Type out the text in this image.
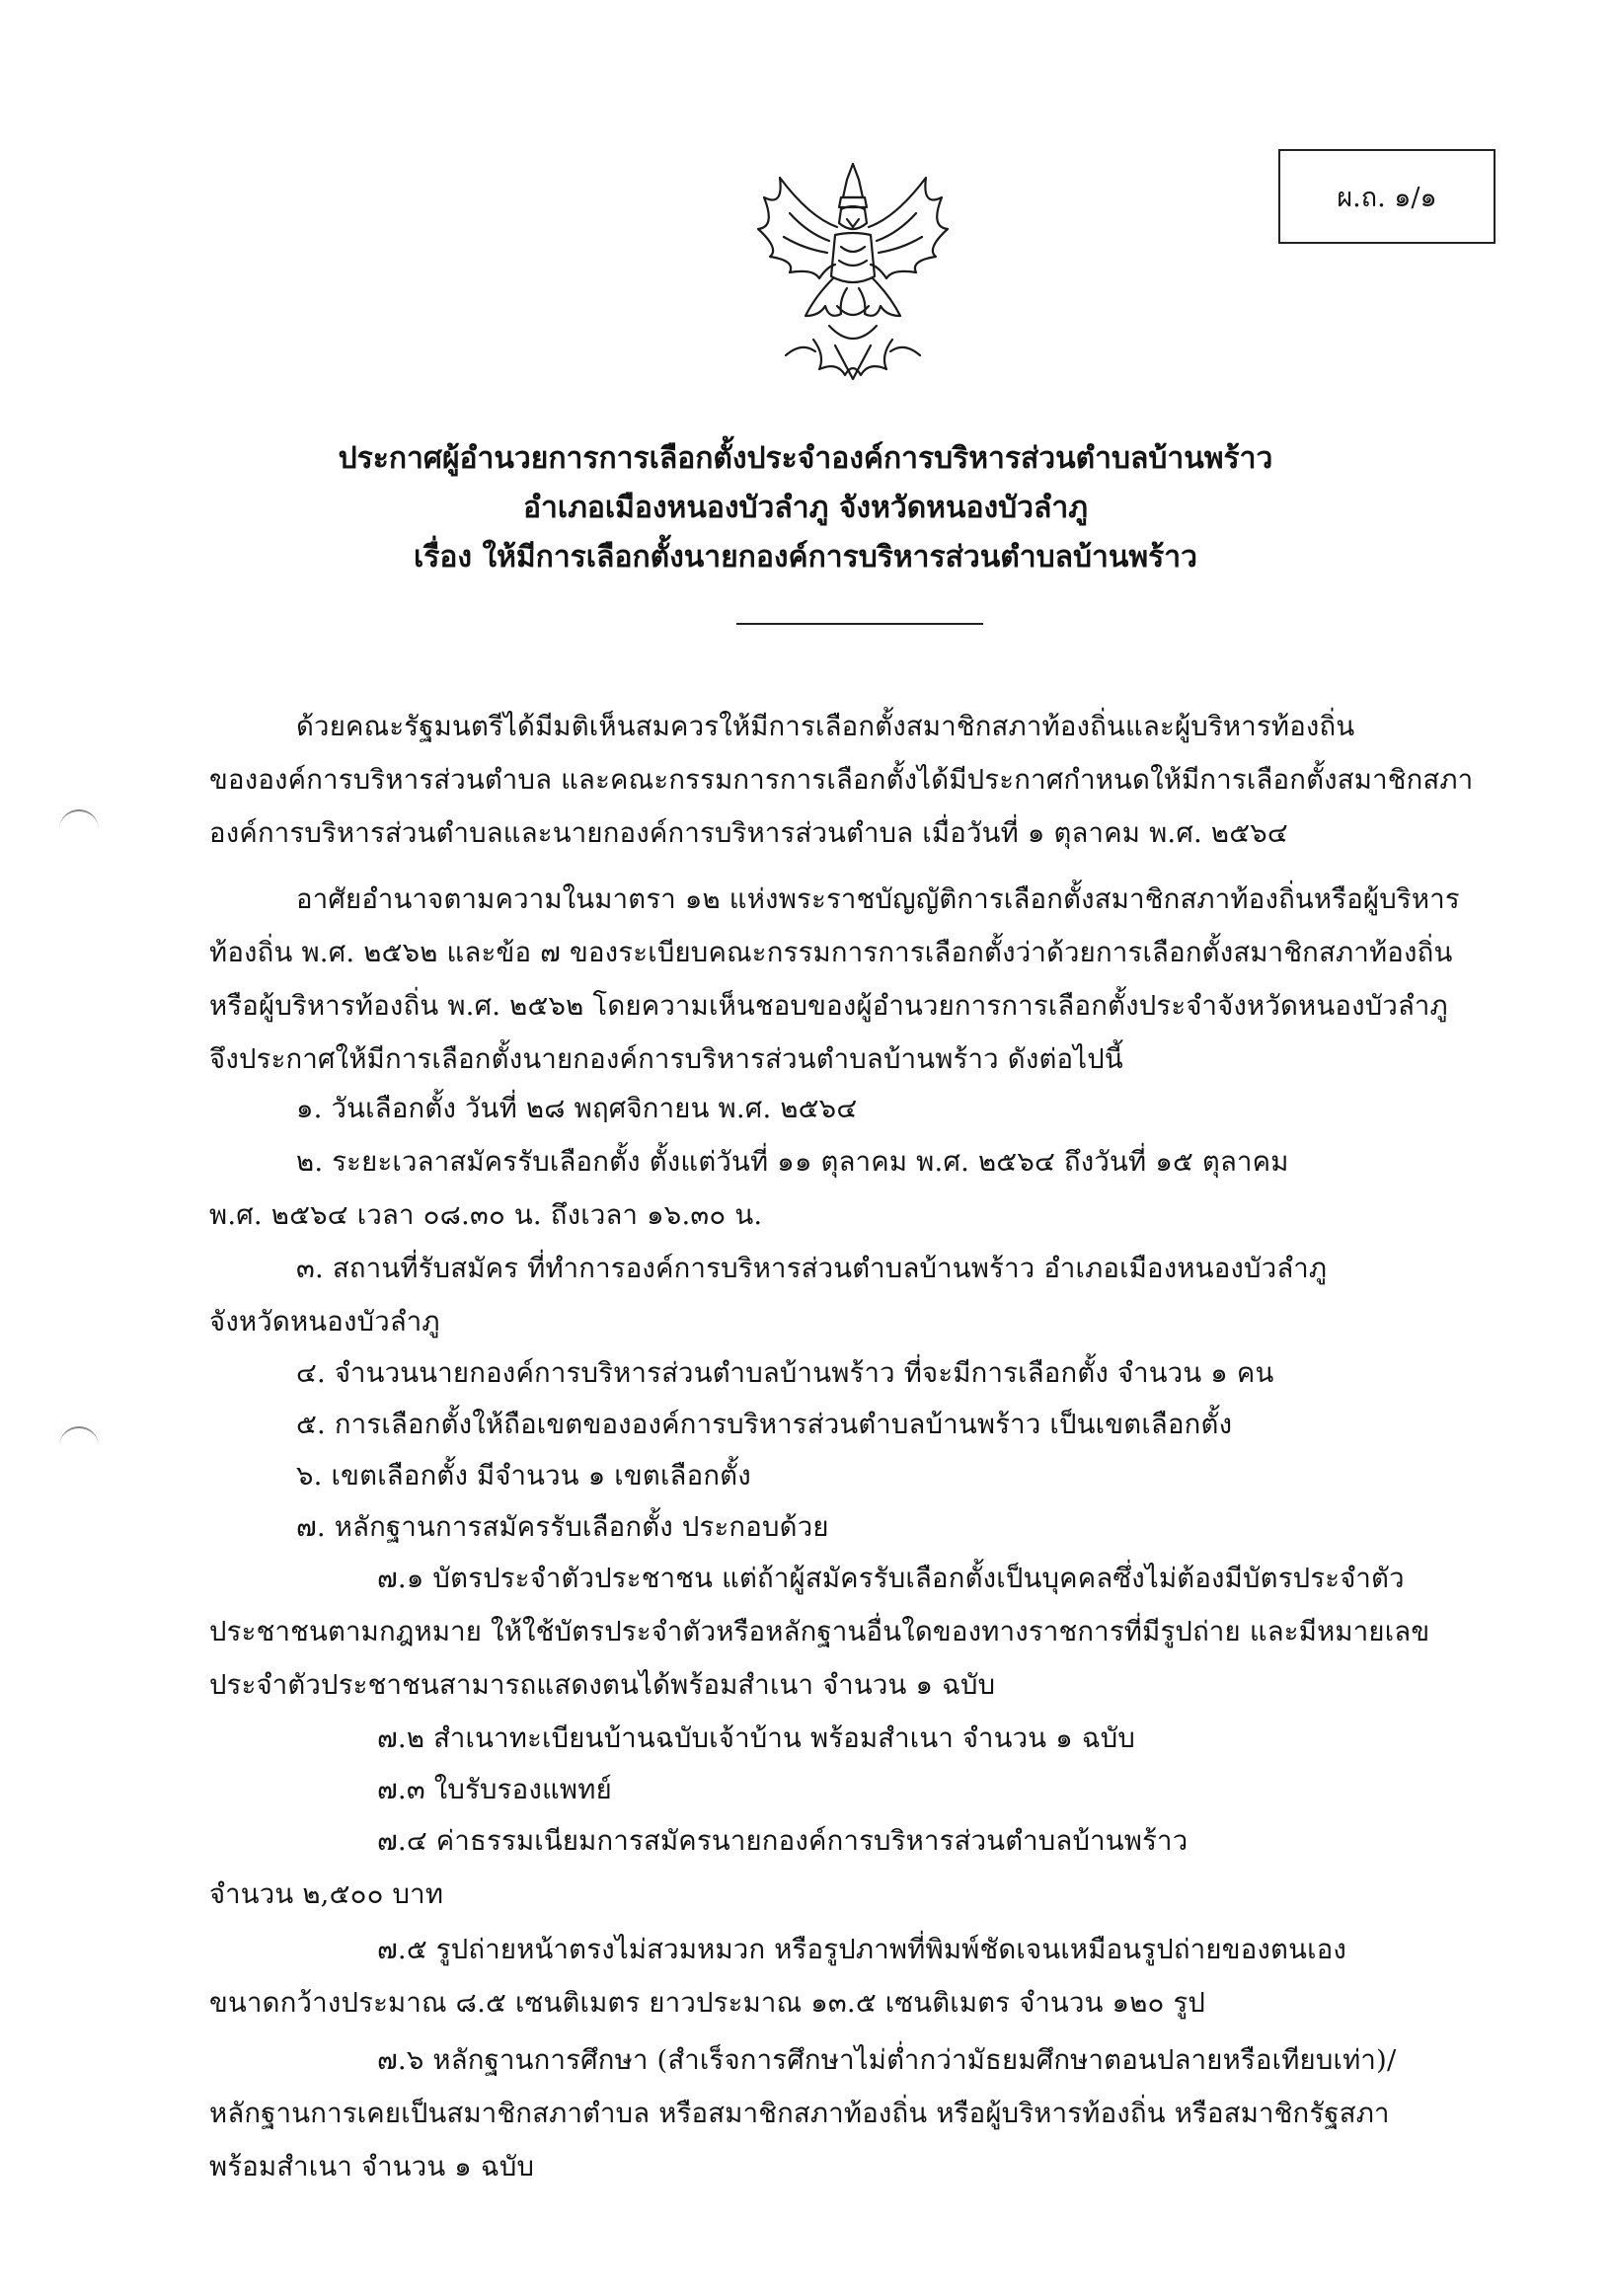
ผ.ถ. ๑/๑
ประกาศผู้อำนวยการการเลือกตั้งประจำองค์การบริหารส่วนตำบลบ้านพร้าว
อำเภอเมืองหนองบัวลำภู จังหวัดหนองบัวลำภู
เรื่อง ให้มีการเลือกตั้งนายกองค์การบริหารส่วนตำบลบ้านพร้าว
ด้วยคณะรัฐมนตรีได้มีมติเห็นสมควรให้มีการเลือกตั้งสมาชิกสภาท้องถิ่นและผู้บริหารท้องถิ่น
ขององค์การบริหารส่วนตำบล และคณะกรรมการการเลือกตั้งได้มีประกาศกำหนดให้มีการเลือกตั้งสมาชิกสภา
องค์การบริหารส่วนตำบลและนายกองค์การบริหารส่วนตำบล เมื่อวันที่ ๑ ตุลาคม พ.ศ. ๒๕๖๔
อาศัยอำนาจตามความในมาตรา ๑๒ แห่งพระราชบัญญัติการเลือกตั้งสมาชิกสภาท้องถิ่นหรือผู้บริหาร
ท้องถิ่น พ.ศ. ๒๕๖๒ และข้อ ๗ ของระเบียบคณะกรรมการการเลือกตั้งว่าด้วยการเลือกตั้งสมาชิกสภาท้องถิ่น
หรือผู้บริหารท้องถิ่น พ.ศ. ๒๕๖๒ โดยความเห็นชอบของผู้อำนวยการการเลือกตั้งประจำจังหวัดหนองบัวลำภู
จึงประกาศให้มีการเลือกตั้งนายกองค์การบริหารส่วนตำบลบ้านพร้าว ดังต่อไปนี้
๑. วันเลือกตั้ง วันที่ ๒๘ พฤศจิกายน พ.ศ. ๒๕๖๔
๒. ระยะเวลาสมัครรับเลือกตั้ง ตั้งแต่วันที่ ๑๑ ตุลาคม พ.ศ. ๒๕๖๔ ถึงวันที่ ๑๕ ตุลาคม
พ.ศ. ๒๕๖๔ เวลา ๐๘.๓๐ น. ถึงเวลา ๑๖.๓๐ น.
๓. สถานที่รับสมัคร ที่ทำการองค์การบริหารส่วนตำบลบ้านพร้าว อำเภอเมืองหนองบัวลำภู
จังหวัดหนองบัวลำภู
๔. จำนวนนายกองค์การบริหารส่วนตำบลบ้านพร้าว ที่จะมีการเลือกตั้ง จำนวน ๑ คน
๕. การเลือกตั้งให้ถือเขตขององค์การบริหารส่วนตำบลบ้านพร้าว เป็นเขตเลือกตั้ง
๖. เขตเลือกตั้ง มีจำนวน ๑ เขตเลือกตั้ง
๗. หลักฐานการสมัครรับเลือกตั้ง ประกอบด้วย
๗.๑ บัตรประจำตัวประชาชน แต่ถ้าผู้สมัครรับเลือกตั้งเป็นบุคคลซึ่งไม่ต้องมีบัตรประจำตัว
ประชาชนตามกฎหมาย ให้ใช้บัตรประจำตัวหรือหลักฐานอื่นใดของทางราชการที่มีรูปถ่าย และมีหมายเลข
ประจำตัวประชาชนสามารถแสดงตนได้พร้อมสำเนา จำนวน ๑ ฉบับ
๗.๒ สำเนาทะเบียนบ้านฉบับเจ้าบ้าน พร้อมสำเนา จำนวน ๑ ฉบับ
๗.๓ ใบรับรองแพทย์
๗.๔ ค่าธรรมเนียมการสมัครนายกองค์การบริหารส่วนตำบลบ้านพร้าว
จำนวน ๒,๕๐๐ บาท
๗.๕ รูปถ่ายหน้าตรงไม่สวมหมวก หรือรูปภาพที่พิมพ์ชัดเจนเหมือนรูปถ่ายของตนเอง
ขนาดกว้างประมาณ ๘.๕ เซนติเมตร ยาวประมาณ ๑๓.๕ เซนติเมตร จำนวน ๑๒๐ รูป
๗.๖ หลักฐานการศึกษา (สำเร็จการศึกษาไม่ต่ำกว่ามัธยมศึกษาตอนปลายหรือเทียบเท่า)/
หลักฐานการเคยเป็นสมาชิกสภาตำบล หรือสมาชิกสภาท้องถิ่น หรือผู้บริหารท้องถิ่น หรือสมาชิกรัฐสภา
พร้อมสำเนา จำนวน ๑ ฉบับ
